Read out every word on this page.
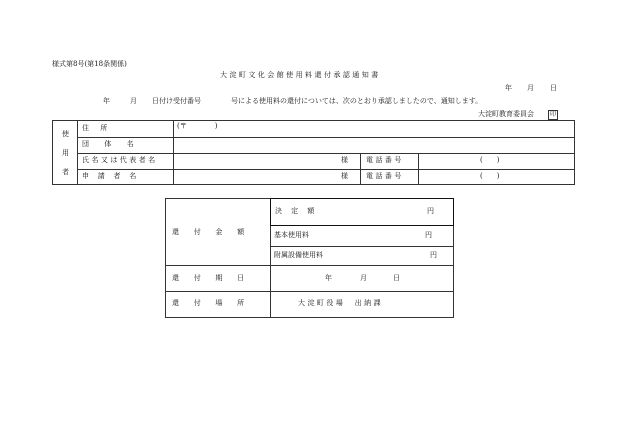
様式第8号(第18条関係)
大淀町文化会館使用料還付承認通知書
年 月 日
年	月 日付け受付番号	号による使用料の還付については、次のとおり承認しましたので、通知します。
大淀町教育委員会	印
使
用
者
住所	(〒　　　　)
団体名
氏名又は代表者名	様	電話番号	(　　)
申請者名	様	電話番号	(　　)
還付金額
決定額	円
基本使用料	円
附属設備使用料	円
還付期日	年	月	日
還付場所	大淀町役場　出納課
